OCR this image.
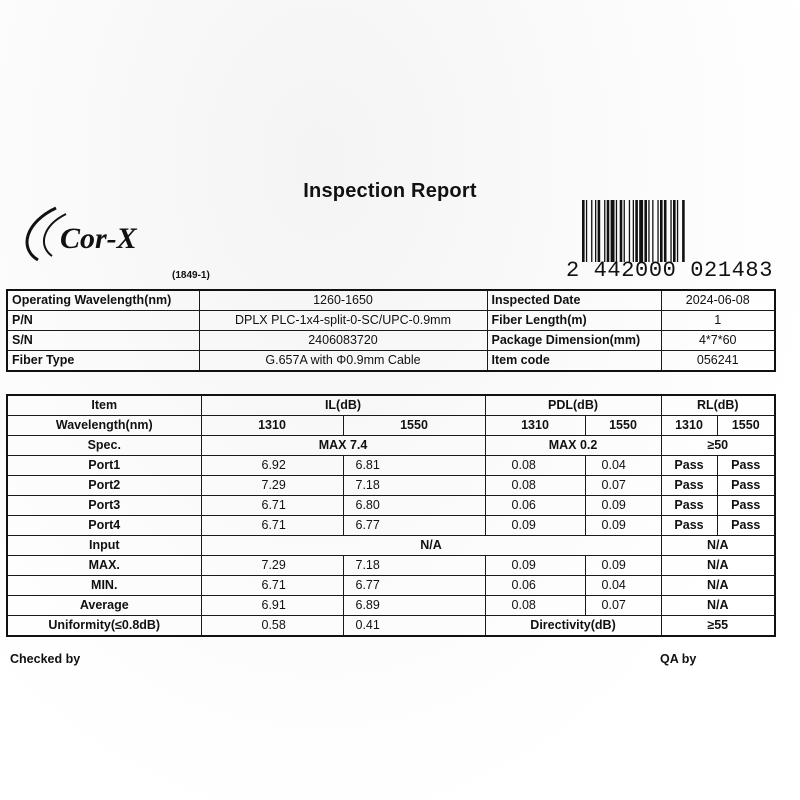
Inspection Report
Cor-X
(1849-1)	2 442000 021483
Operating Wavelength(nm)	1260-1650	Inspected Date	2024-06-08
P/N	DPLX PLC-1x4-split-0-SC/UPC-0.9mm	Fiber Length(m)	1
S/N	2406083720	Package Dimension(mm)	4*7*60
Fiber Type	G.657A with Φ0.9mm Cable	Item code	056241
Item	IL(dB)		PDL(dB)		RL(dB)	
Wavelength(nm)	1310	1550	1310	1550	1310	1550
Spec.	MAX 7.4		MAX 0.2		≥50	
Port1	6.92	6.81	0.08	0.04	Pass	Pass
Port2	7.29	7.18	0.08	0.07	Pass	Pass
Port3	6.71	6.80	0.06	0.09	Pass	Pass
Port4	6.71	6.77	0.09	0.09	Pass	Pass
Input	N/A				N/A	
MAX.	7.29	7.18	0.09	0.09	N/A	
MIN.	6.71	6.77	0.06	0.04	N/A	
Average	6.91	6.89	0.08	0.07	N/A	
Uniformity(≤0.8dB)	0.58	0.41	Directivity(dB)		≥55	
Checked by	QA by
